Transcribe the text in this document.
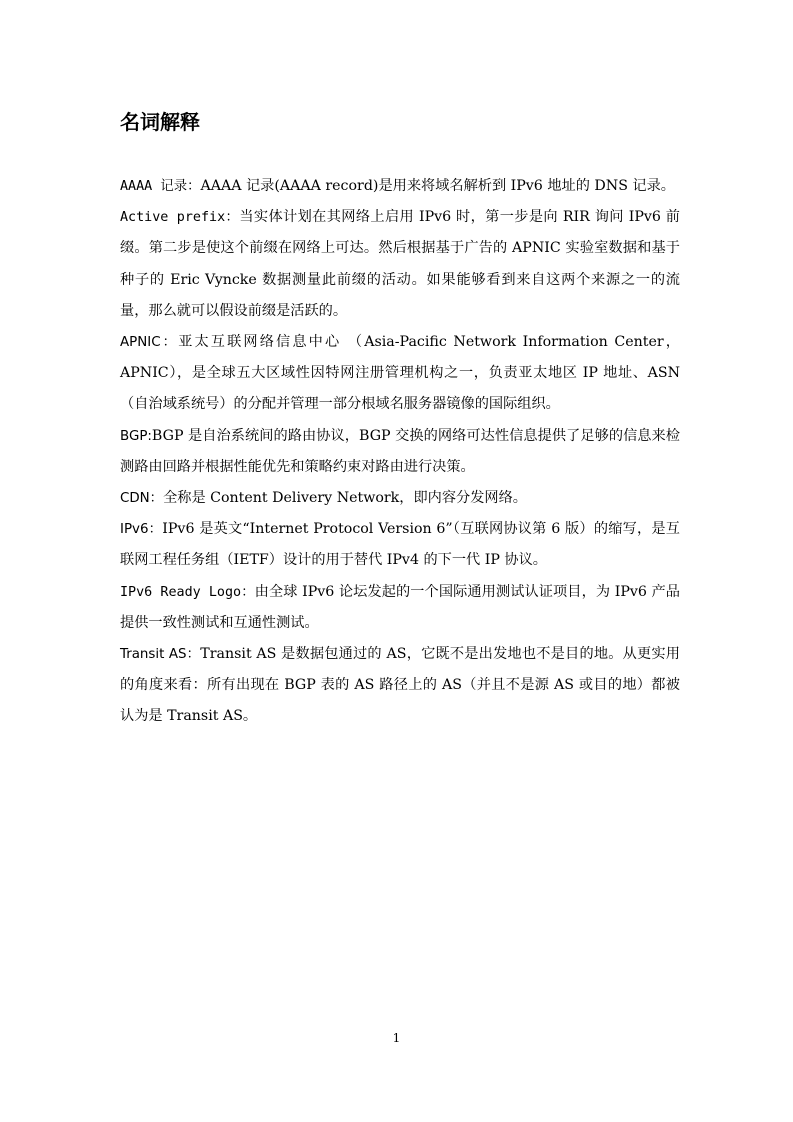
名词解释

AAAA 记录：AAAA 记录(AAAA record)是用来将域名解析到 IPv6 地址的 DNS 记录。

Active prefix：当实体计划在其网络上启用 IPv6 时，第一步是向 RIR 询问 IPv6 前缀。第二步是使这个前缀在网络上可达。然后根据基于广告的 APNIC 实验室数据和基于种子的 Eric Vyncke 数据测量此前缀的活动。如果能够看到来自这两个来源之一的流量，那么就可以假设前缀是活跃的。

APNIC：亚太互联网络信息中心 （Asia-Pacific Network Information Center，APNIC），是全球五大区域性因特网注册管理机构之一，负责亚太地区 IP 地址、ASN（自治域系统号）的分配并管理一部分根域名服务器镜像的国际组织。

BGP:BGP 是自治系统间的路由协议，BGP 交换的网络可达性信息提供了足够的信息来检测路由回路并根据性能优先和策略约束对路由进行决策。

CDN：全称是 Content Delivery Network，即内容分发网络。

IPv6：IPv6 是英文“Internet Protocol Version 6”（互联网协议第 6 版）的缩写，是互联网工程任务组（IETF）设计的用于替代 IPv4 的下一代 IP 协议。

IPv6 Ready Logo：由全球 IPv6 论坛发起的一个国际通用测试认证项目，为 IPv6 产品提供一致性测试和互通性测试。

Transit AS：Transit AS 是数据包通过的 AS，它既不是出发地也不是目的地。从更实用的角度来看：所有出现在 BGP 表的 AS 路径上的 AS（并且不是源 AS 或目的地）都被认为是 Transit AS。

1
